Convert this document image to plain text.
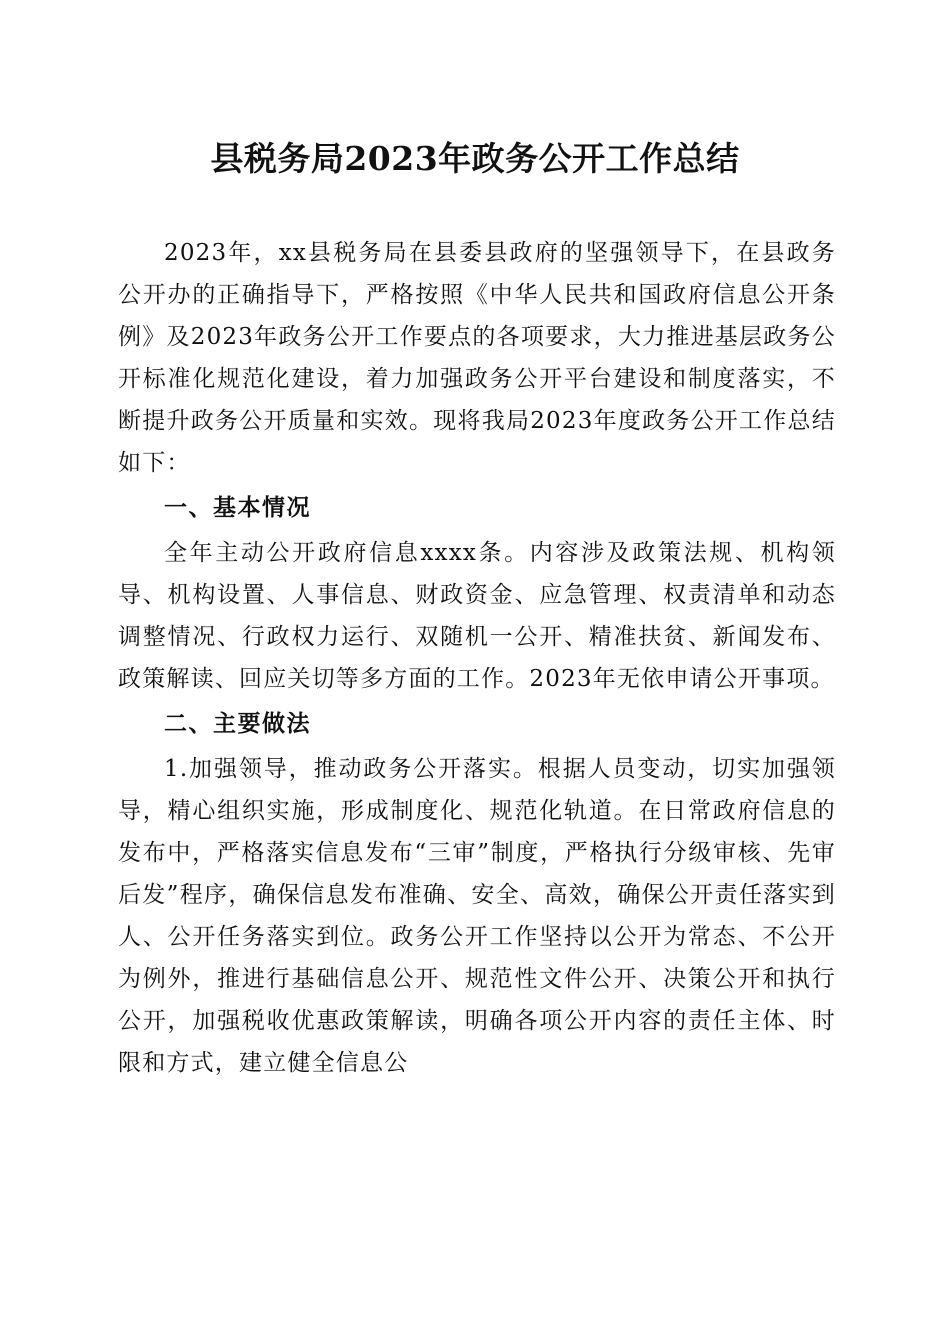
县税务局2023年政务公开工作总结

2023年，xx县税务局在县委县政府的坚强领导下，在县政务公开办的正确指导下，严格按照《中华人民共和国政府信息公开条例》及2023年政务公开工作要点的各项要求，大力推进基层政务公开标准化规范化建设，着力加强政务公开平台建设和制度落实，不断提升政务公开质量和实效。现将我局2023年度政务公开工作总结如下：

一、基本情况

全年主动公开政府信息xxxx条。内容涉及政策法规、机构领导、机构设置、人事信息、财政资金、应急管理、权责清单和动态调整情况、行政权力运行、双随机一公开、精准扶贫、新闻发布、政策解读、回应关切等多方面的工作。2023年无依申请公开事项。

二、主要做法

1.加强领导，推动政务公开落实。根据人员变动，切实加强领导，精心组织实施，形成制度化、规范化轨道。在日常政府信息的发布中，严格落实信息发布“三审”制度，严格执行分级审核、先审后发”程序，确保信息发布准确、安全、高效，确保公开责任落实到人、公开任务落实到位。政务公开工作坚持以公开为常态、不公开为例外，推进行基础信息公开、规范性文件公开、决策公开和执行公开，加强税收优惠政策解读，明确各项公开内容的责任主体、时限和方式，建立健全信息公
